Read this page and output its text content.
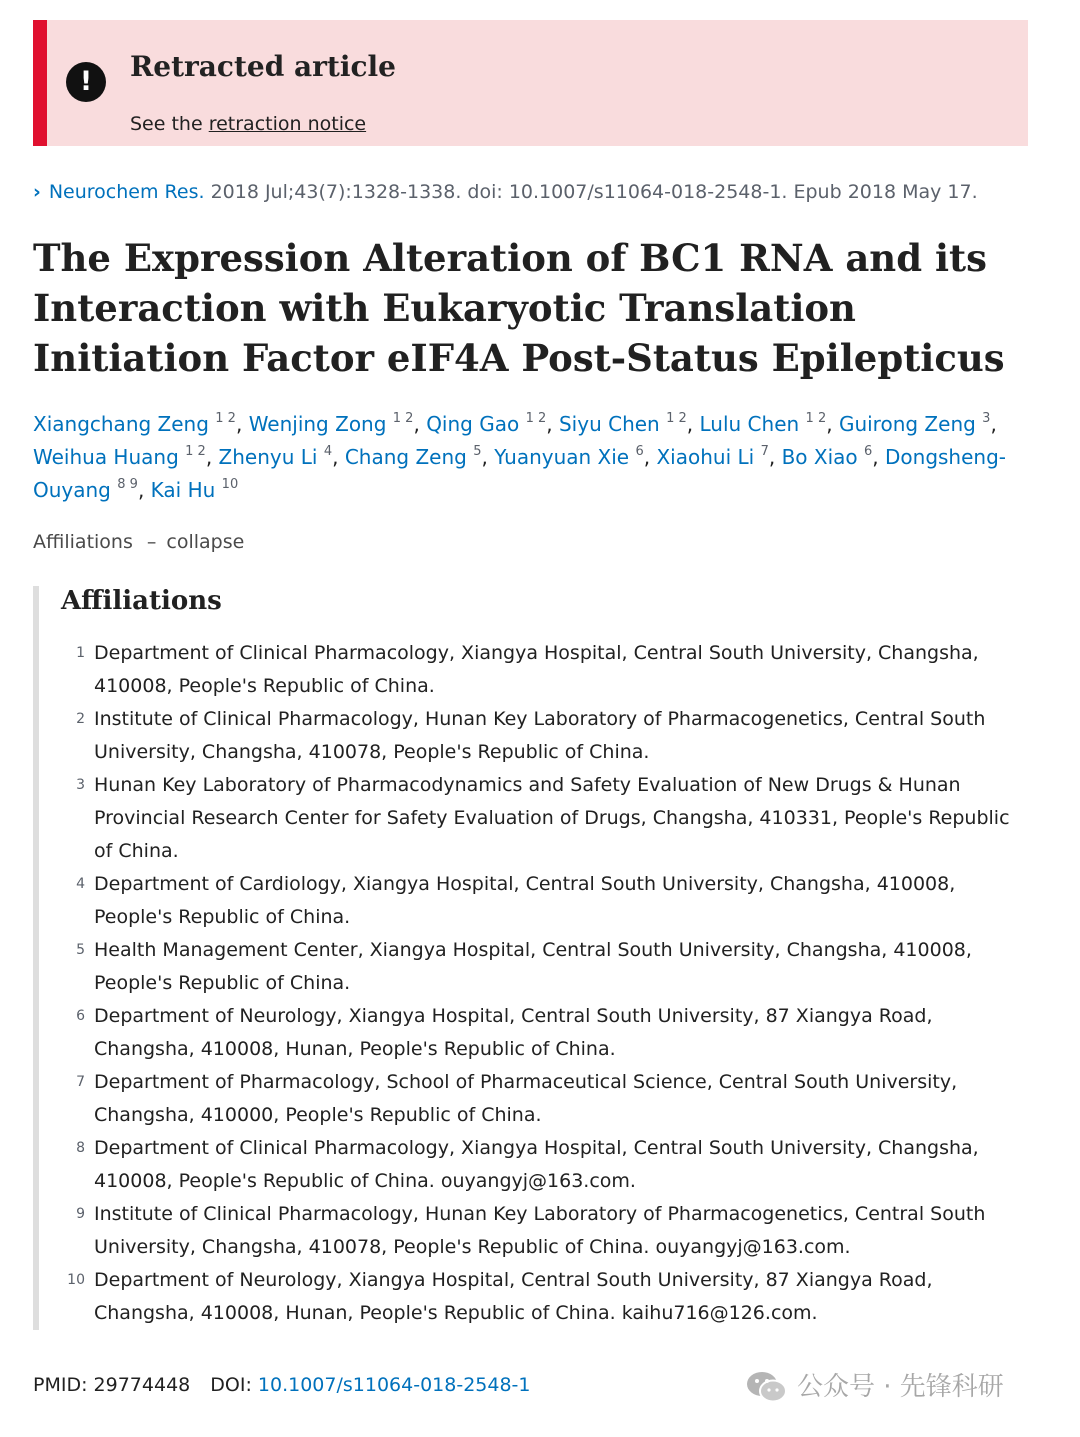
!	Retracted article
See the retraction notice
› Neurochem Res. 2018 Jul;43(7):1328-1338. doi: 10.1007/s11064-018-2548-1. Epub 2018 May 17.
The Expression Alteration of BC1 RNA and its Interaction with Eukaryotic Translation Initiation Factor eIF4A Post-Status Epilepticus
Xiangchang Zeng $^{1 2}$, Wenjing Zong $^{1 2}$, Qing Gao $^{1 2}$, Siyu Chen $^{1 2}$, Lulu Chen $^{1 2}$, Guirong Zeng $^3$, Weihua Huang $^{1 2}$, Zhenyu Li $^4$, Chang Zeng $^5$, Yuanyuan Xie $^6$, Xiaohui Li $^7$, Bo Xiao $^6$, Dongsheng-Ouyang $^{8 9}$, Kai Hu $^{10}$
Affiliations – collapse
Affiliations
1 Department of Clinical Pharmacology, Xiangya Hospital, Central South University, Changsha, 410008, People's Republic of China.
2 Institute of Clinical Pharmacology, Hunan Key Laboratory of Pharmacogenetics, Central South University, Changsha, 410078, People's Republic of China.
3 Hunan Key Laboratory of Pharmacodynamics and Safety Evaluation of New Drugs & Hunan Provincial Research Center for Safety Evaluation of Drugs, Changsha, 410331, People's Republic of China.
4 Department of Cardiology, Xiangya Hospital, Central South University, Changsha, 410008, People's Republic of China.
5 Health Management Center, Xiangya Hospital, Central South University, Changsha, 410008, People's Republic of China.
6 Department of Neurology, Xiangya Hospital, Central South University, 87 Xiangya Road, Changsha, 410008, Hunan, People's Republic of China.
7 Department of Pharmacology, School of Pharmaceutical Science, Central South University, Changsha, 410000, People's Republic of China.
8 Department of Clinical Pharmacology, Xiangya Hospital, Central South University, Changsha, 410008, People's Republic of China. ouyangyj@163.com.
9 Institute of Clinical Pharmacology, Hunan Key Laboratory of Pharmacogenetics, Central South University, Changsha, 410078, People's Republic of China. ouyangyj@163.com.
10 Department of Neurology, Xiangya Hospital, Central South University, 87 Xiangya Road, Changsha, 410008, Hunan, People's Republic of China. kaihu716@126.com.
PMID: 29774448 DOI: 10.1007/s11064-018-2548-1	公众号 · 先锋科研
